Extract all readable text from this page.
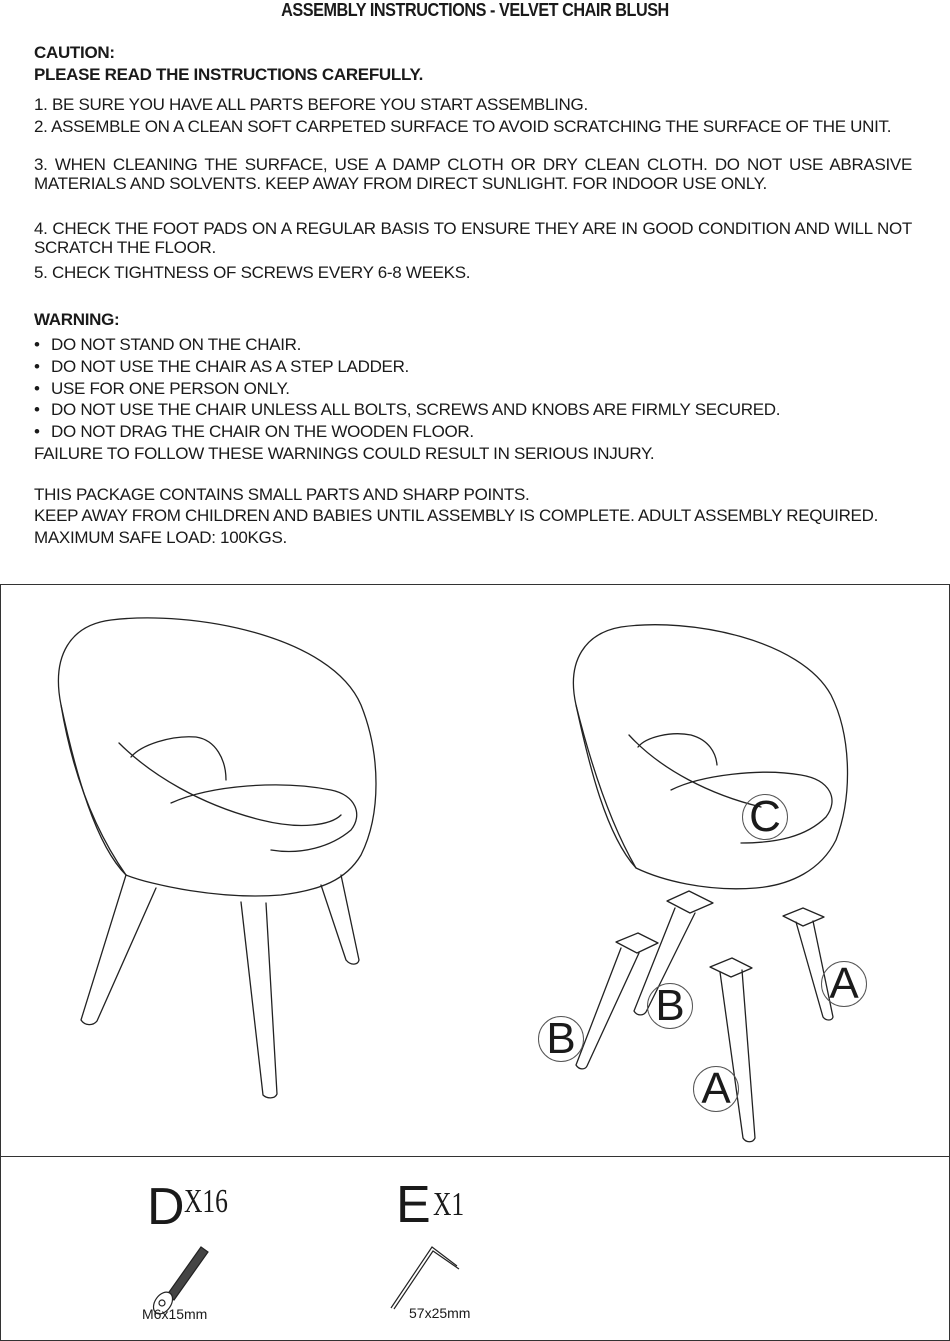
ASSEMBLY INSTRUCTIONS - VELVET CHAIR BLUSH
CAUTION:
PLEASE READ THE INSTRUCTIONS CAREFULLY.
1. BE SURE YOU HAVE ALL PARTS BEFORE YOU START ASSEMBLING.
2. ASSEMBLE ON A CLEAN SOFT CARPETED SURFACE TO AVOID SCRATCHING THE SURFACE OF THE UNIT.
3. WHEN CLEANING THE SURFACE, USE A DAMP CLOTH OR DRY CLEAN CLOTH. DO NOT USE ABRASIVE MATERIALS AND SOLVENTS. KEEP AWAY FROM DIRECT SUNLIGHT. FOR INDOOR USE ONLY.
4. CHECK THE FOOT PADS ON A REGULAR BASIS TO ENSURE THEY ARE IN GOOD CONDITION AND WILL NOT SCRATCH THE FLOOR.
5. CHECK TIGHTNESS OF SCREWS EVERY 6-8 WEEKS.
WARNING:
• DO NOT STAND ON THE CHAIR.
• DO NOT USE THE CHAIR AS A STEP LADDER.
• USE FOR ONE PERSON ONLY.
• DO NOT USE THE CHAIR UNLESS ALL BOLTS, SCREWS AND KNOBS ARE FIRMLY SECURED.
• DO NOT DRAG THE CHAIR ON THE WOODEN FLOOR.
FAILURE TO FOLLOW THESE WARNINGS COULD RESULT IN SERIOUS INJURY.
THIS PACKAGE CONTAINS SMALL PARTS AND SHARP POINTS.
KEEP AWAY FROM CHILDREN AND BABIES UNTIL ASSEMBLY IS COMPLETE. ADULT ASSEMBLY REQUIRED.
MAXIMUM SAFE LOAD: 100KGS.
C
B
B
A
A
D X16
M6x15mm
E X1
57x25mm
